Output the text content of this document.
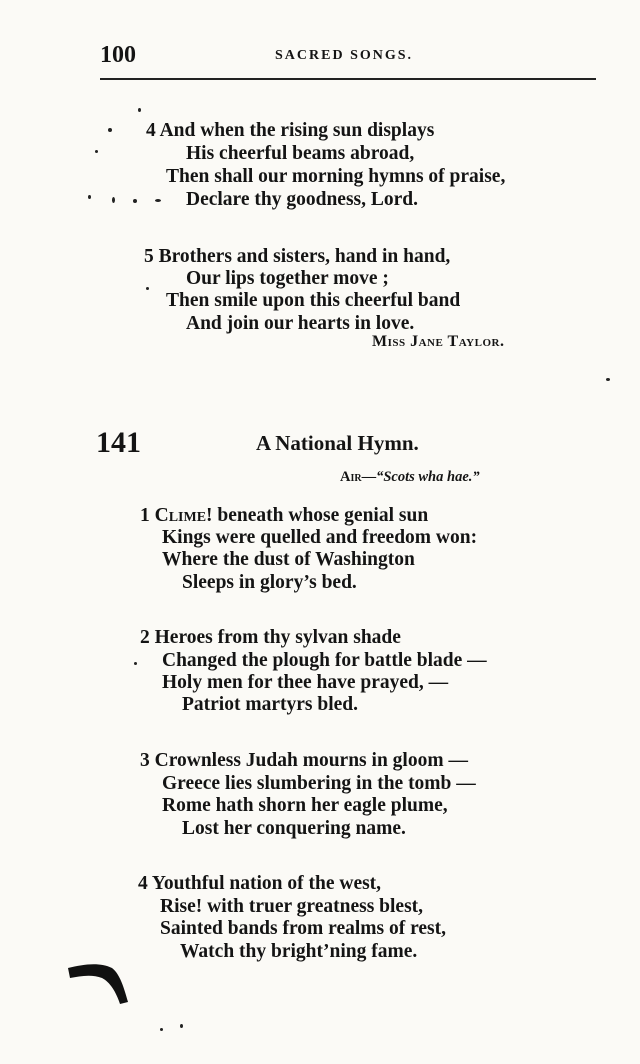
100	SACRED SONGS.
4 And when the rising sun displays
His cheerful beams abroad,
Then shall our morning hymns of praise,
Declare thy goodness, Lord.
5 Brothers and sisters, hand in hand,
Our lips together move ;
Then smile upon this cheerful band
And join our hearts in love.
Miss Jane Taylor.
141	A National Hymn.
Air—“Scots wha hae.”
1 Clime! beneath whose genial sun
Kings were quelled and freedom won:
Where the dust of Washington
Sleeps in glory’s bed.
2 Heroes from thy sylvan shade
Changed the plough for battle blade —
Holy men for thee have prayed, —
Patriot martyrs bled.
3 Crownless Judah mourns in gloom —
Greece lies slumbering in the tomb —
Rome hath shorn her eagle plume,
Lost her conquering name.
4 Youthful nation of the west,
Rise! with truer greatness blest,
Sainted bands from realms of rest,
Watch thy bright’ning fame.
